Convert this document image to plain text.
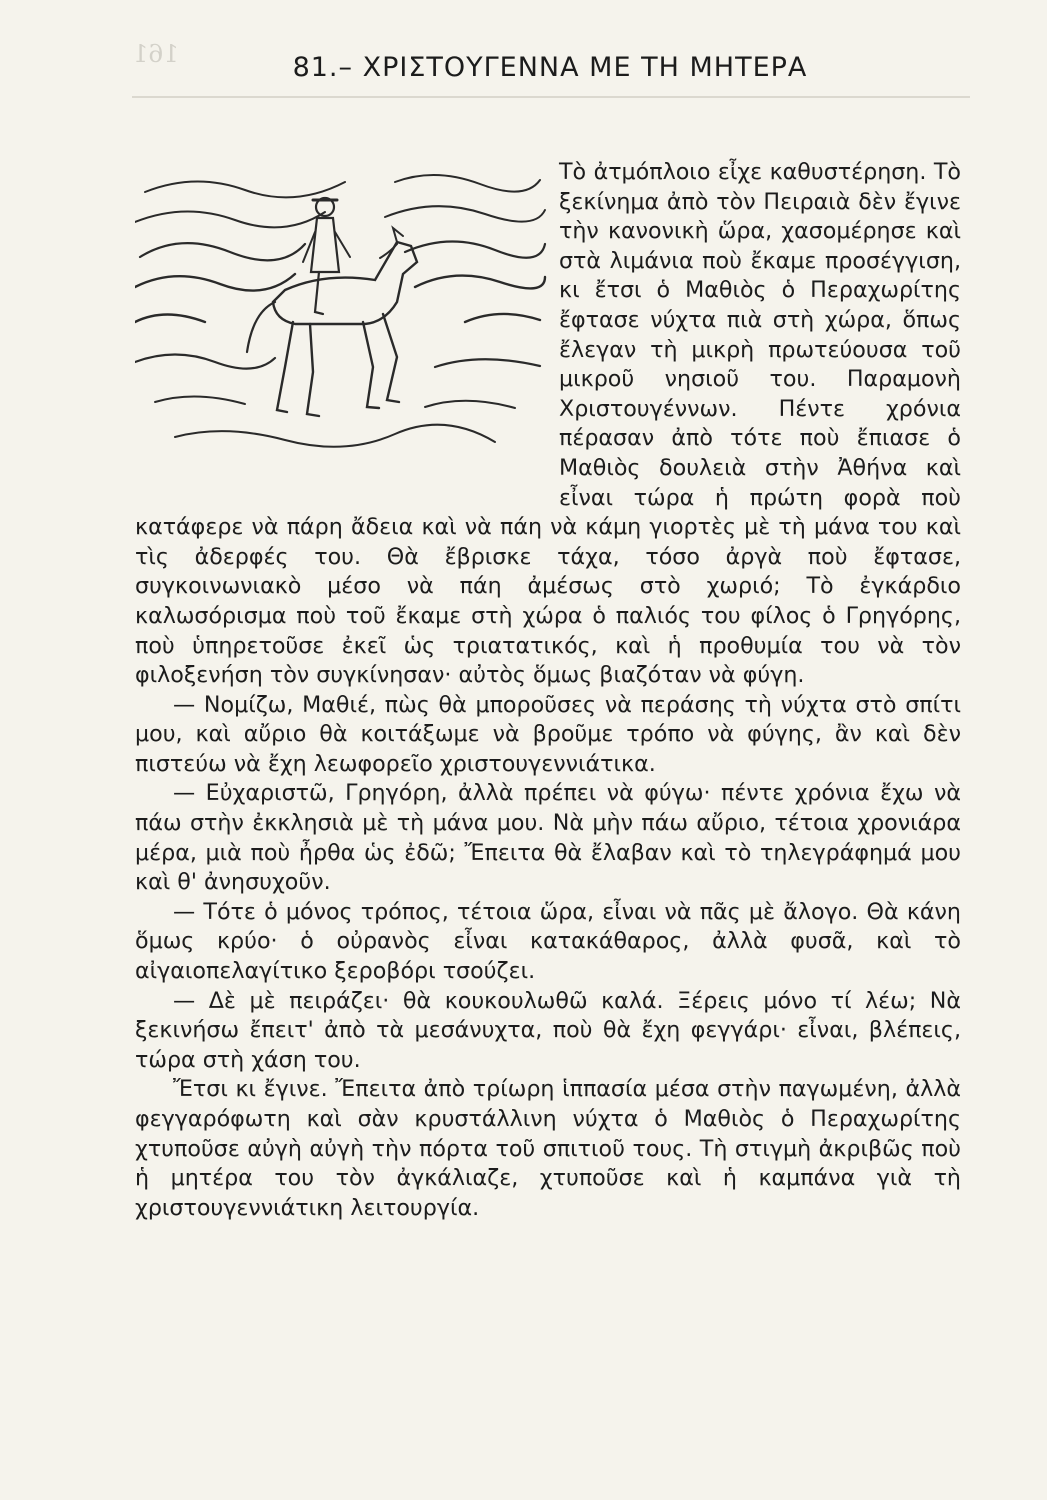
161	81.– ΧΡΙΣΤΟΥΓΕΝΝΑ ΜΕ ΤΗ ΜΗΤΕΡΑ

Τὸ ἀτμόπλοιο εἶχε καθυστέρηση. Τὸ ξεκίνημα ἀπὸ τὸν Πειραιὰ δὲν ἔγινε τὴν κανονικὴ ὥρα, χασομέρησε καὶ στὰ λιμάνια ποὺ ἔκαμε προσέγγιση, κι ἔτσι ὁ Μαθιὸς ὁ Περαχωρίτης ἔφτασε νύχτα πιὰ στὴ χώρα, ὅπως ἔλεγαν τὴ μικρὴ πρωτεύουσα τοῦ μικροῦ νησιοῦ του. Παραμονὴ Χριστουγέννων. Πέντε χρόνια πέρασαν ἀπὸ τότε ποὺ ἔπιασε ὁ Μαθιὸς δουλειὰ στὴν Ἀθήνα καὶ εἶναι τώρα ἡ πρώτη φορὰ ποὺ κατάφερε νὰ πάρη ἄδεια καὶ νὰ πάη νὰ κάμη γιορτὲς μὲ τὴ μάνα του καὶ τὶς ἀδερφές του. Θὰ ἔβρισκε τάχα, τόσο ἀργὰ ποὺ ἔφτασε, συγκοινωνιακὸ μέσο νὰ πάη ἀμέσως στὸ χωριό; Τὸ ἐγκάρδιο καλωσόρισμα ποὺ τοῦ ἔκαμε στὴ χώρα ὁ παλιός του φίλος ὁ Γρηγόρης, ποὺ ὑπηρετοῦσε ἐκεῖ ὡς τριατατικός, καὶ ἡ προθυμία του νὰ τὸν φιλοξενήση τὸν συγκίνησαν· αὐτὸς ὅμως βιαζόταν νὰ φύγη.

— Νομίζω, Μαθιέ, πὼς θὰ μποροῦσες νὰ περάσης τὴ νύχτα στὸ σπίτι μου, καὶ αὔριο θὰ κοιτάξωμε νὰ βροῦμε τρόπο νὰ φύγης, ἂν καὶ δὲν πιστεύω νὰ ἔχη λεωφορεῖο χριστουγεννιάτικα.

— Εὐχαριστῶ, Γρηγόρη, ἀλλὰ πρέπει νὰ φύγω· πέντε χρόνια ἔχω νὰ πάω στὴν ἐκκλησιὰ μὲ τὴ μάνα μου. Νὰ μὴν πάω αὔριο, τέτοια χρονιάρα μέρα, μιὰ ποὺ ἦρθα ὡς ἐδῶ; Ἔπειτα θὰ ἔλαβαν καὶ τὸ τηλεγράφημά μου καὶ θ' ἀνησυχοῦν.

— Τότε ὁ μόνος τρόπος, τέτοια ὥρα, εἶναι νὰ πᾶς μὲ ἄλογο. Θὰ κάνη ὅμως κρύο· ὁ οὐρανὸς εἶναι κατακάθαρος, ἀλλὰ φυσᾶ, καὶ τὸ αἰγαιοπελαγίτικο ξεροβόρι τσούζει.

— Δὲ μὲ πειράζει· θὰ κουκουλωθῶ καλά. Ξέρεις μόνο τί λέω; Νὰ ξεκινήσω ἔπειτ' ἀπὸ τὰ μεσάνυχτα, ποὺ θὰ ἔχη φεγγάρι· εἶναι, βλέπεις, τώρα στὴ χάση του.

Ἔτσι κι ἔγινε. Ἔπειτα ἀπὸ τρίωρη ἱππασία μέσα στὴν παγωμένη, ἀλλὰ φεγγαρόφωτη καὶ σὰν κρυστάλλινη νύχτα ὁ Μαθιὸς ὁ Περαχωρίτης χτυποῦσε αὐγὴ αὐγὴ τὴν πόρτα τοῦ σπιτιοῦ τους. Τὴ στιγμὴ ἀκριβῶς ποὺ ἡ μητέρα του τὸν ἀγκάλιαζε, χτυποῦσε καὶ ἡ καμπάνα γιὰ τὴ χριστουγεννιάτικη λειτουργία.
